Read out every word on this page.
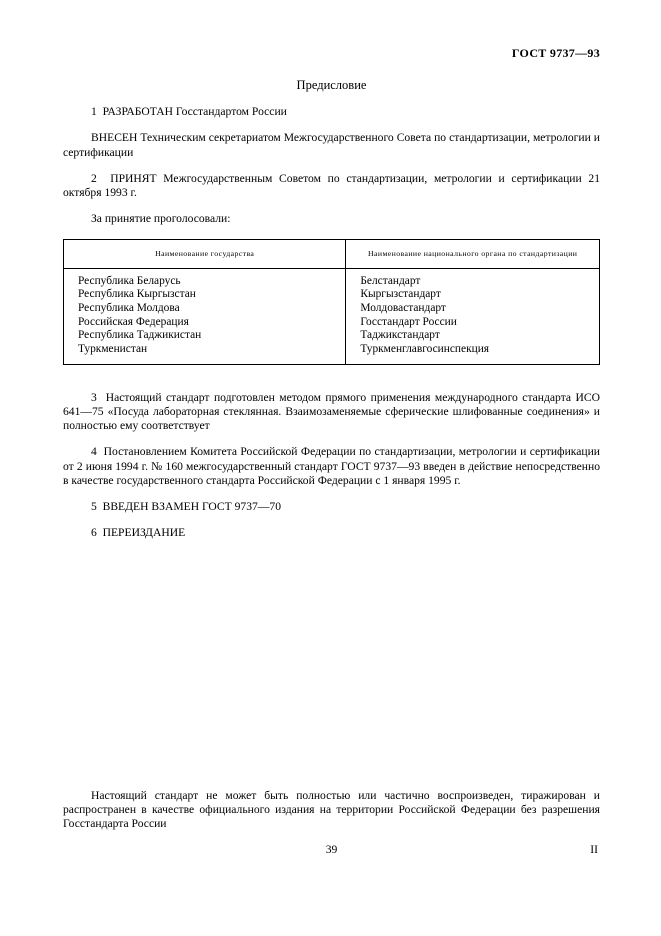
ГОСТ 9737—93
Предисловие

1  РАЗРАБОТАН Госстандартом России

ВНЕСЕН Техническим секретариатом Межгосударственного Совета по стандартизации, метрологии и сертификации

2  ПРИНЯТ Межгосударственным Советом по стандартизации, метрологии и сертификации 21 октября 1993 г.

За принятие проголосовали:

Наименование государства	Наименование национального органа по стандартизации
Республика Беларусь	Белстандарт
Республика Кыргызстан	Кыргызстандарт
Республика Молдова	Молдовастандарт
Российская Федерация	Госстандарт России
Республика Таджикистан	Таджикстандарт
Туркменистан	Туркменглавгосинспекция

3  Настоящий стандарт подготовлен методом прямого применения международного стандарта ИСО 641—75 «Посуда лабораторная стеклянная. Взаимозаменяемые сферические шлифованные соединения» и полностью ему соответствует

4  Постановлением Комитета Российской Федерации по стандартизации, метрологии и сертификации от 2 июня 1994 г. № 160 межгосударственный стандарт ГОСТ 9737—93 введен в действие непосредственно в качестве государственного стандарта Российской Федерации с 1 января 1995 г.

5  ВВЕДЕН ВЗАМЕН ГОСТ 9737—70

6  ПЕРЕИЗДАНИЕ

Настоящий стандарт не может быть полностью или частично воспроизведен, тиражирован и распространен в качестве официального издания на территории Российской Федерации без разрешения Госстандарта России

39	II
